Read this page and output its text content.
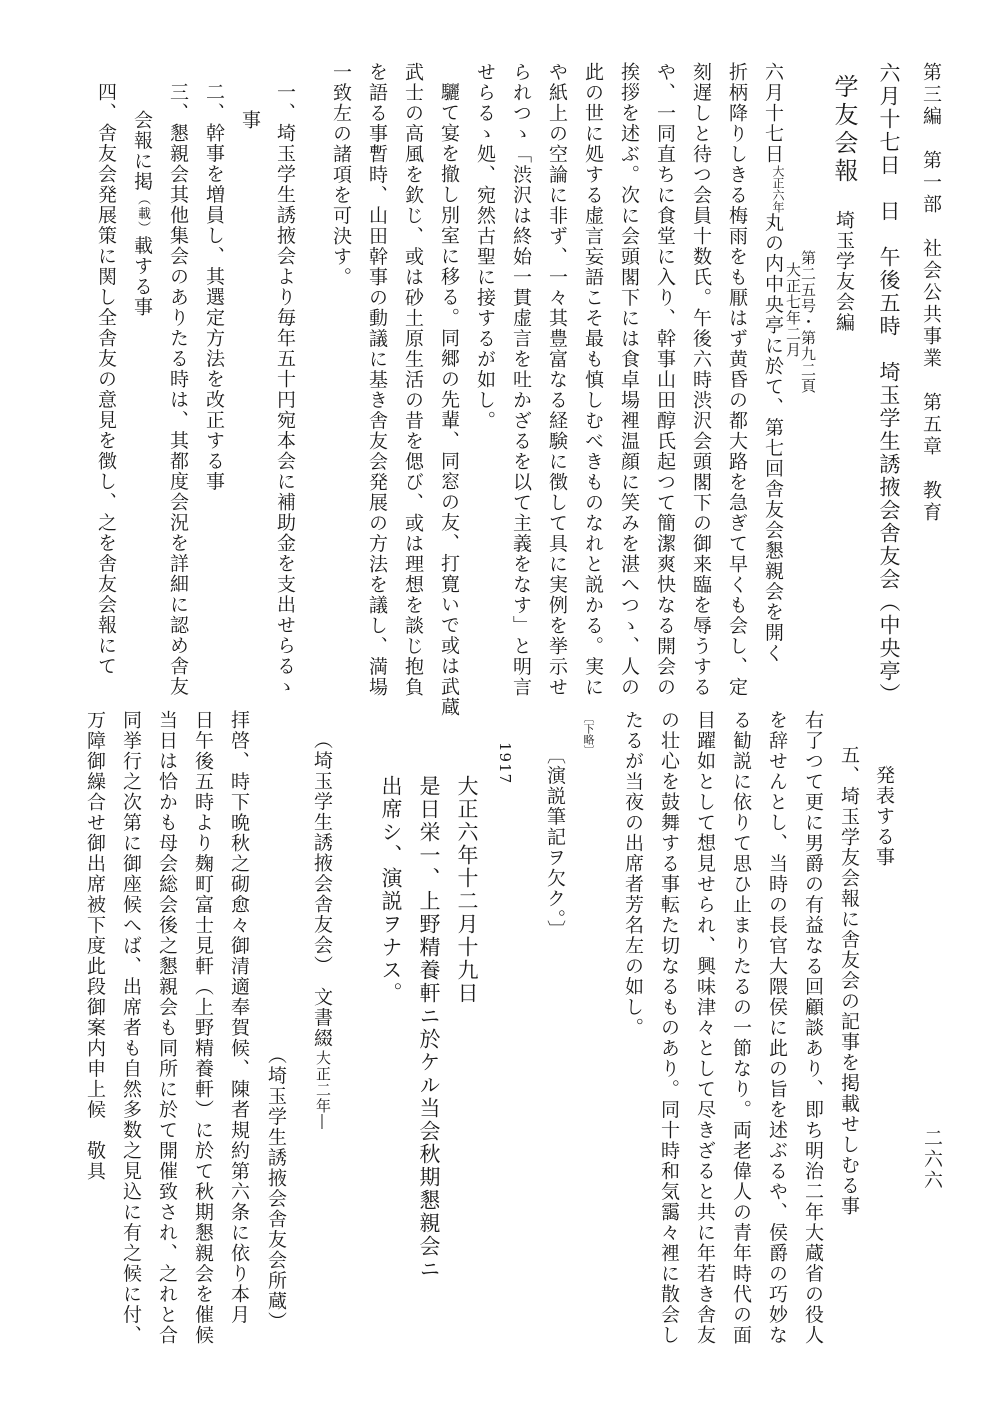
第三編　第一部　社会公共事業　第五章　教育
二六六
六月十七日　日　午後五時　埼玉学生誘掖会舎友会（中央亭）
学友会報
埼玉学友会編
第二五号・第九二頁
大正七年二月
六月十七日大正六年丸の内中央亭に於て、第七回舎友会懇親会を開く
折柄降りしきる梅雨をも厭はず黄昏の都大路を急ぎて早くも会し、定
刻遅しと待つ会員十数氏。午後六時渋沢会頭閣下の御来臨を辱うする
や、一同直ちに食堂に入り、幹事山田醇氏起つて簡潔爽快なる開会の
挨拶を述ぶ。次に会頭閣下には食卓場裡温顔に笑みを湛へつゝ、人の
此の世に処する虚言妄語こそ最も慎しむべきものなれと説かる。実に
や紙上の空論に非ず、一々其豊富なる経験に徴して具に実例を挙示せ
られつゝ「渋沢は終始一貫虚言を吐かざるを以て主義をなす」と明言
せらるゝ処、宛然古聖に接するが如し。
驪て宴を撤し別室に移る。同郷の先輩、同窓の友、打寛いで或は武蔵
武士の高風を欽じ、或は砂土原生活の昔を偲び、或は理想を談じ抱負
を語る事暫時、山田幹事の動議に基き舎友会発展の方法を議し、満場
一致左の諸項を可決す。
一、埼玉学生誘掖会より毎年五十円宛本会に補助金を支出せらるゝ
事
二、幹事を増員し、其選定方法を改正する事
三、懇親会其他集会のありたる時は、其都度会況を詳細に認め舎友
会報に掲（載）載する事
四、舎友会発展策に関し全舎友の意見を徴し、之を舎友会報にて
発表する事
五、埼玉学友会報に舎友会の記事を掲載せしむる事
右了つて更に男爵の有益なる回顧談あり、即ち明治二年大蔵省の役人
を辞せんとし、当時の長官大隈侯に此の旨を述ぶるや、侯爵の巧妙な
る勧説に依りて思ひ止まりたるの一節なり。両老偉人の青年時代の面
目躍如として想見せられ、興味津々として尽きざると共に年若き舎友
の壮心を鼓舞する事転た切なるものあり。同十時和気靄々裡に散会し
たるが当夜の出席者芳名左の如し。
〔下略〕
〔演説筆記ヲ欠ク。〕
1917
大正六年十二月十九日
是日栄一、上野精養軒ニ於ケル当会秋期懇親会ニ
出席シ、演説ヲナス。
（埼玉学生誘掖会舎友会）　文書綴
大正二年―
（埼玉学生誘掖会舎友会所蔵）
拝啓、時下晩秋之砌愈々御清適奉賀候、陳者規約第六条に依り本月
日午後五時より麹町富士見軒（上野精養軒）に於て秋期懇親会を催候
当日は恰かも母会総会後之懇親会も同所に於て開催致され、之れと合
同挙行之次第に御座候へば、出席者も自然多数之見込に有之候に付、
万障御繰合せ御出席被下度此段御案内申上候　敬具
